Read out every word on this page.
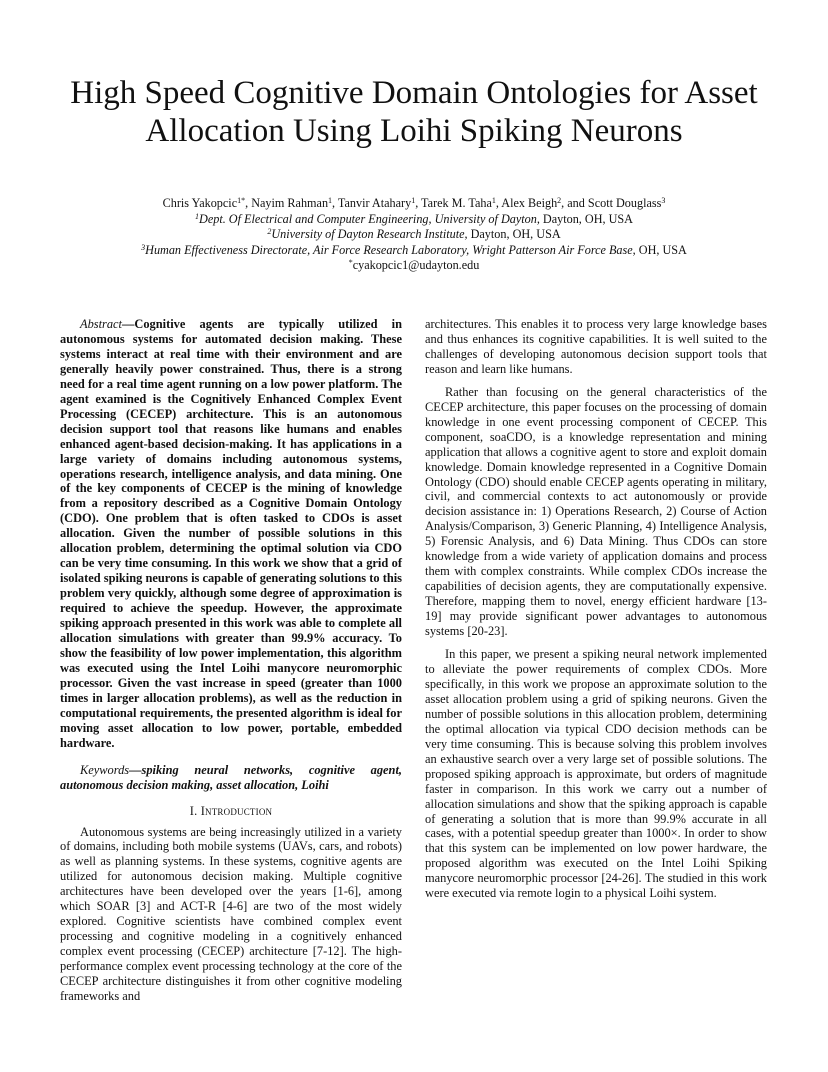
High Speed Cognitive Domain Ontologies for Asset Allocation Using Loihi Spiking Neurons
Chris Yakopcic$^{1*}$, Nayim Rahman$^1$, Tanvir Atahary$^1$, Tarek M. Taha$^1$, Alex Beigh$^2$, and Scott Douglass$^3$
$^1$Dept. Of Electrical and Computer Engineering, University of Dayton, Dayton, OH, USA
$^2$University of Dayton Research Institute, Dayton, OH, USA
$^3$Human Effectiveness Directorate, Air Force Research Laboratory, Wright Patterson Air Force Base, OH, USA
*cyakopcic1@udayton.edu

Abstract—Cognitive agents are typically utilized in autonomous systems for automated decision making. These systems interact at real time with their environment and are generally heavily power constrained. Thus, there is a strong need for a real time agent running on a low power platform. The agent examined is the Cognitively Enhanced Complex Event Processing (CECEP) architecture. This is an autonomous decision support tool that reasons like humans and enables enhanced agent-based decision-making. It has applications in a large variety of domains including autonomous systems, operations research, intelligence analysis, and data mining. One of the key components of CECEP is the mining of knowledge from a repository described as a Cognitive Domain Ontology (CDO). One problem that is often tasked to CDOs is asset allocation. Given the number of possible solutions in this allocation problem, determining the optimal solution via CDO can be very time consuming. In this work we show that a grid of isolated spiking neurons is capable of generating solutions to this problem very quickly, although some degree of approximation is required to achieve the speedup. However, the approximate spiking approach presented in this work was able to complete all allocation simulations with greater than 99.9% accuracy. To show the feasibility of low power implementation, this algorithm was executed using the Intel Loihi manycore neuromorphic processor. Given the vast increase in speed (greater than 1000 times in larger allocation problems), as well as the reduction in computational requirements, the presented algorithm is ideal for moving asset allocation to low power, portable, embedded hardware.

Keywords—spiking neural networks, cognitive agent, autonomous decision making, asset allocation, Loihi

I. Introduction

Autonomous systems are being increasingly utilized in a variety of domains, including both mobile systems (UAVs, cars, and robots) as well as planning systems. In these systems, cognitive agents are utilized for autonomous decision making. Multiple cognitive architectures have been developed over the years [1-6], among which SOAR [3] and ACT-R [4-6] are two of the most widely explored. Cognitive scientists have combined complex event processing and cognitive modeling in a cognitively enhanced complex event processing (CECEP) architecture [7-12]. The high-performance complex event processing technology at the core of the CECEP architecture distinguishes it from other cognitive modeling frameworks and

architectures. This enables it to process very large knowledge bases and thus enhances its cognitive capabilities. It is well suited to the challenges of developing autonomous decision support tools that reason and learn like humans.

Rather than focusing on the general characteristics of the CECEP architecture, this paper focuses on the processing of domain knowledge in one event processing component of CECEP. This component, soaCDO, is a knowledge representation and mining application that allows a cognitive agent to store and exploit domain knowledge. Domain knowledge represented in a Cognitive Domain Ontology (CDO) should enable CECEP agents operating in military, civil, and commercial contexts to act autonomously or provide decision assistance in: 1) Operations Research, 2) Course of Action Analysis/Comparison, 3) Generic Planning, 4) Intelligence Analysis, 5) Forensic Analysis, and 6) Data Mining. Thus CDOs can store knowledge from a wide variety of application domains and process them with complex constraints. While complex CDOs increase the capabilities of decision agents, they are computationally expensive. Therefore, mapping them to novel, energy efficient hardware [13-19] may provide significant power advantages to autonomous systems [20-23].

In this paper, we present a spiking neural network implemented to alleviate the power requirements of complex CDOs. More specifically, in this work we propose an approximate solution to the asset allocation problem using a grid of spiking neurons. Given the number of possible solutions in this allocation problem, determining the optimal allocation via typical CDO decision methods can be very time consuming. This is because solving this problem involves an exhaustive search over a very large set of possible solutions. The proposed spiking approach is approximate, but orders of magnitude faster in comparison. In this work we carry out a number of allocation simulations and show that the spiking approach is capable of generating a solution that is more than 99.9% accurate in all cases, with a potential speedup greater than 1000×. In order to show that this system can be implemented on low power hardware, the proposed algorithm was executed on the Intel Loihi Spiking manycore neuromorphic processor [24-26]. The studied in this work were executed via remote login to a physical Loihi system.
